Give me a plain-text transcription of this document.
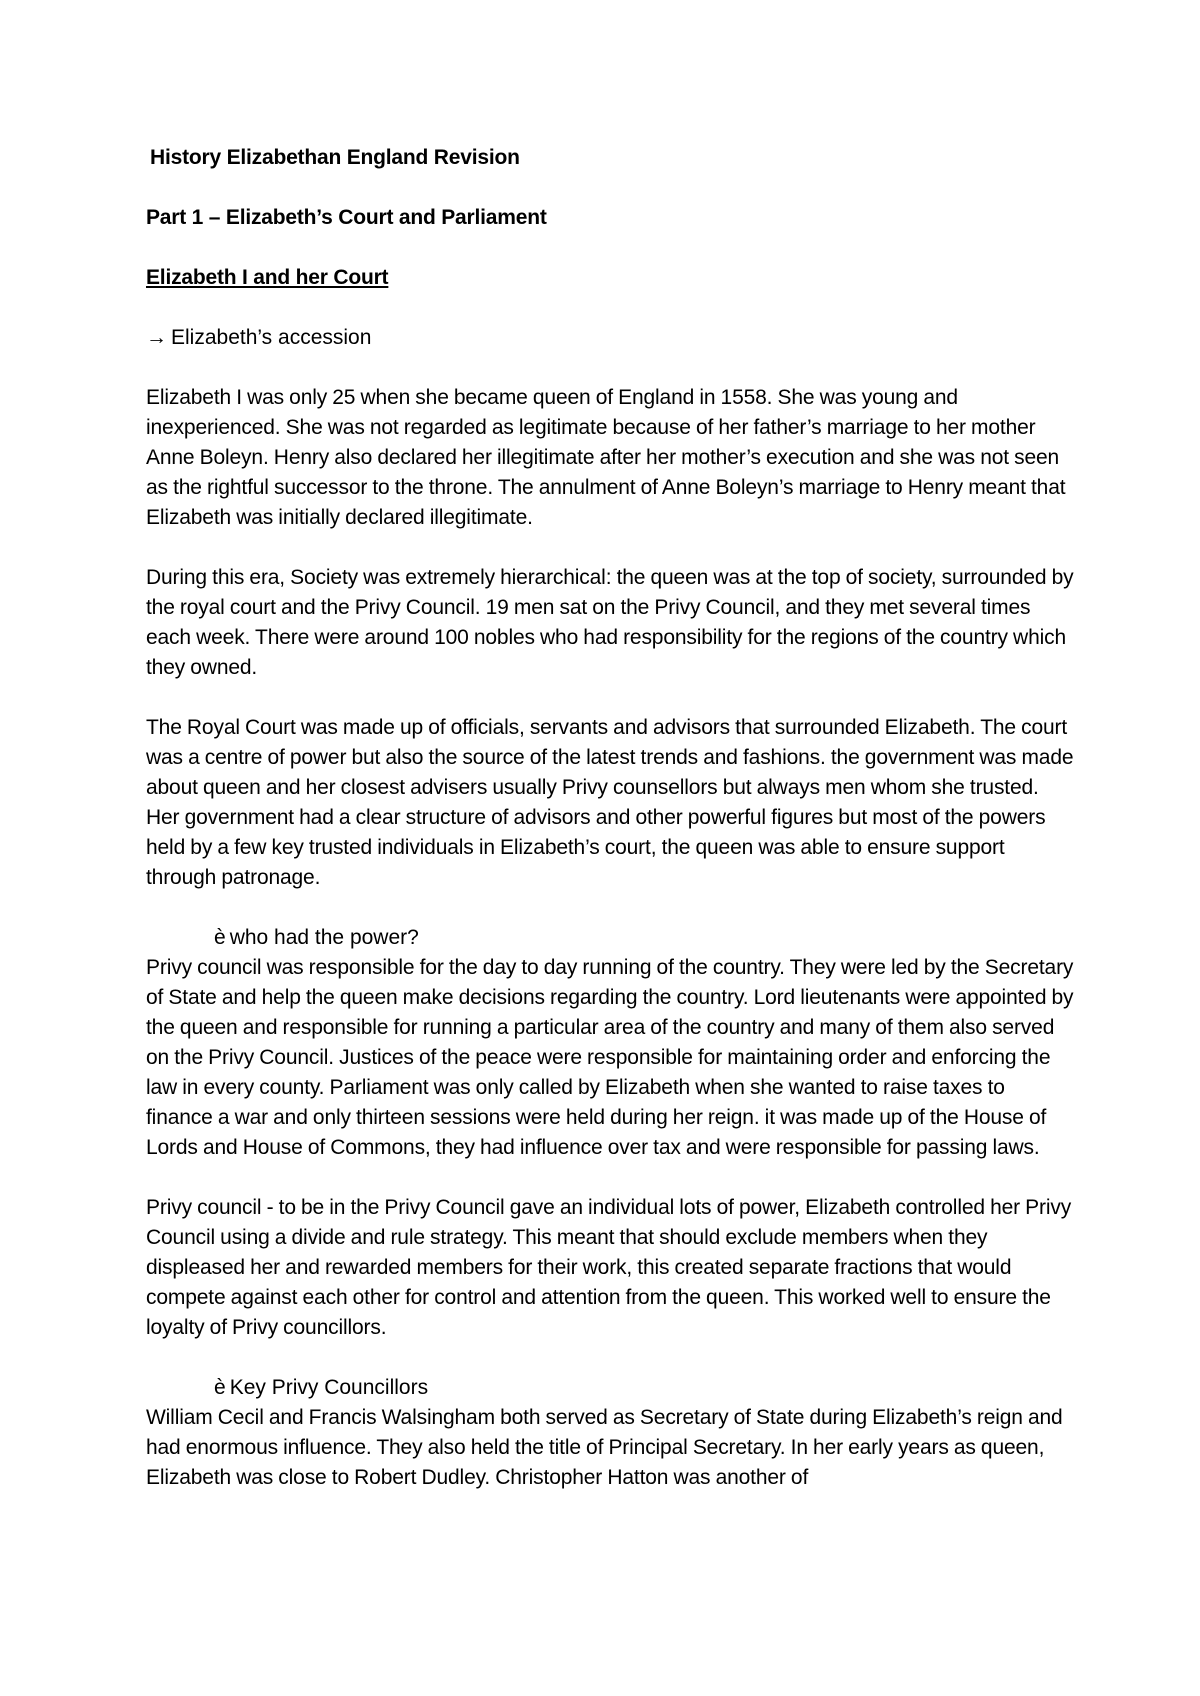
History Elizabethan England Revision
Part 1 – Elizabeth’s Court and Parliament
Elizabeth I and her Court
→ Elizabeth’s accession

Elizabeth I was only 25 when she became queen of England in 1558. She was young and inexperienced. She was not regarded as legitimate because of her father’s marriage to her mother Anne Boleyn. Henry also declared her illegitimate after her mother’s execution and she was not seen as the rightful successor to the throne. The annulment of Anne Boleyn’s marriage to Henry meant that Elizabeth was initially declared illegitimate.

During this era, Society was extremely hierarchical: the queen was at the top of society, surrounded by the royal court and the Privy Council. 19 men sat on the Privy Council, and they met several times each week. There were around 100 nobles who had responsibility for the regions of the country which they owned.

The Royal Court was made up of officials, servants and advisors that surrounded Elizabeth. The court was a centre of power but also the source of the latest trends and fashions. the government was made about queen and her closest advisers usually Privy counsellors but always men whom she trusted. Her government had a clear structure of advisors and other powerful figures but most of the powers held by a few key trusted individuals in Elizabeth’s court, the queen was able to ensure support through patronage.

è who had the power?

Privy council was responsible for the day to day running of the country. They were led by the Secretary of State and help the queen make decisions regarding the country. Lord lieutenants were appointed by the queen and responsible for running a particular area of the country and many of them also served on the Privy Council. Justices of the peace were responsible for maintaining order and enforcing the law in every county. Parliament was only called by Elizabeth when she wanted to raise taxes to finance a war and only thirteen sessions were held during her reign. it was made up of the House of Lords and House of Commons, they had influence over tax and were responsible for passing laws.

Privy council - to be in the Privy Council gave an individual lots of power, Elizabeth controlled her Privy Council using a divide and rule strategy. This meant that should exclude members when they displeased her and rewarded members for their work, this created separate fractions that would compete against each other for control and attention from the queen. This worked well to ensure the loyalty of Privy councillors.

è Key Privy Councillors

William Cecil and Francis Walsingham both served as Secretary of State during Elizabeth’s reign and had enormous influence. They also held the title of Principal Secretary. In her early years as queen, Elizabeth was close to Robert Dudley. Christopher Hatton was another of
